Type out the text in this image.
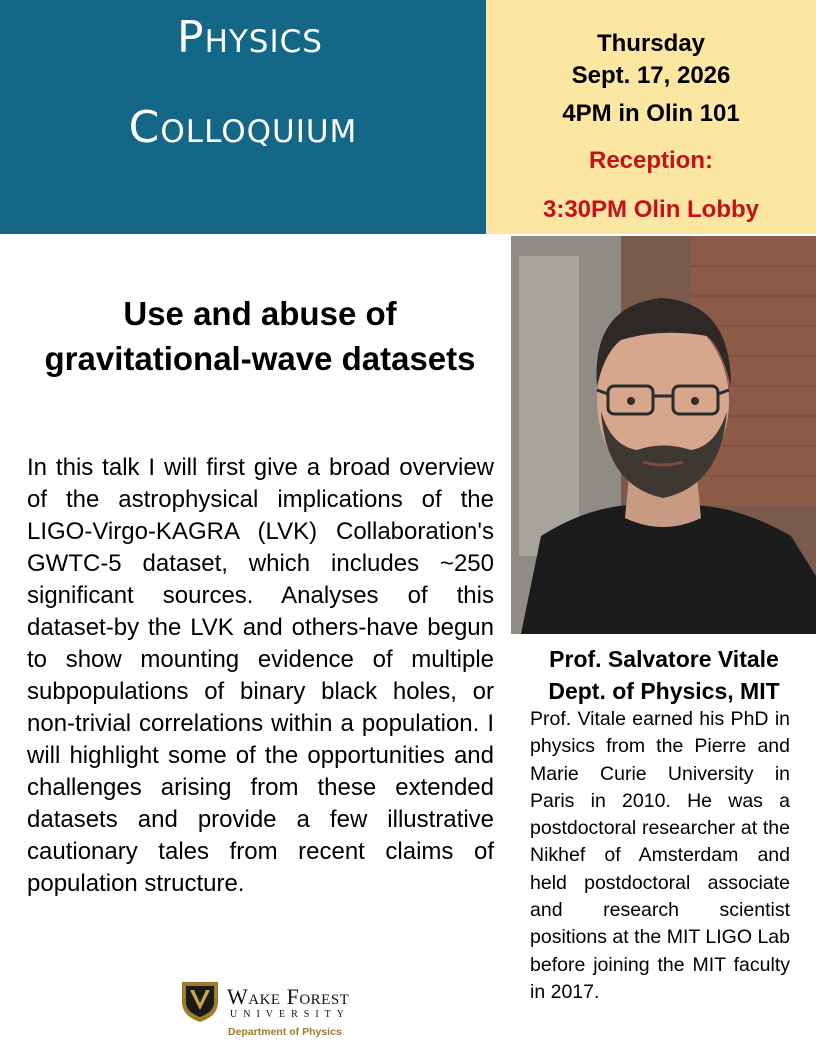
Physics
Colloquium
Thursday
Sept. 17, 2026
4PM in Olin 101
Reception:
3:30PM Olin Lobby
Use and abuse of gravitational-wave datasets
In this talk I will first give a broad overview of the astrophysical implications of the LIGO-Virgo-KAGRA (LVK) Collaboration's GWTC-5 dataset, which includes ~250 significant sources. Analyses of this dataset-by the LVK and others-have begun to show mounting evidence of multiple subpopulations of binary black holes, or non-trivial correlations within a population. I will highlight some of the opportunities and challenges arising from these extended datasets and provide a few illustrative cautionary tales from recent claims of population structure.
Prof. Salvatore Vitale
Dept. of Physics, MIT
Prof. Vitale earned his PhD in physics from the Pierre and Marie Curie University in Paris in 2010. He was a postdoctoral researcher at the Nikhef of Amsterdam and held postdoctoral associate and research scientist positions at the MIT LIGO Lab before joining the MIT faculty in 2017.
Wake Forest
UNIVERSITY
Department of Physics
